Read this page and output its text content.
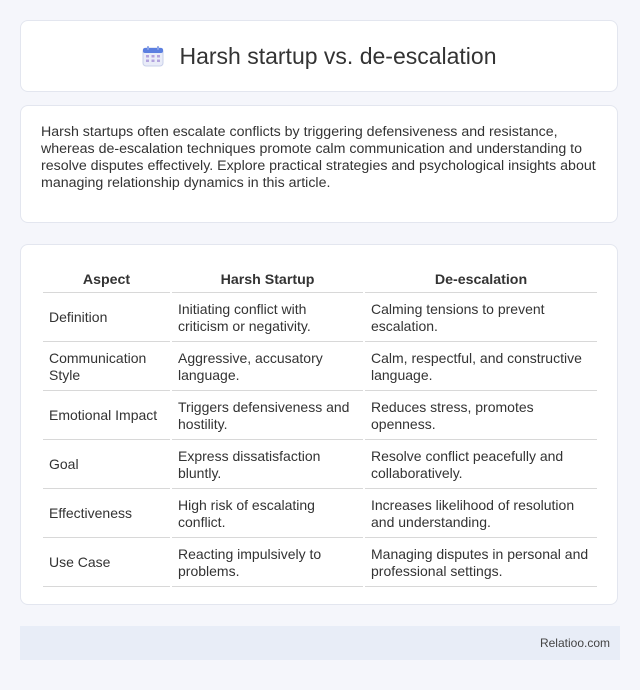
Harsh startup vs. de-escalation

Harsh startups often escalate conflicts by triggering defensiveness and resistance, whereas de-escalation techniques promote calm communication and understanding to resolve disputes effectively. Explore practical strategies and psychological insights about managing relationship dynamics in this article.

Aspect	Harsh Startup	De-escalation
Definition	Initiating conflict with criticism or negativity.	Calming tensions to prevent escalation.
Communication Style	Aggressive, accusatory language.	Calm, respectful, and constructive language.
Emotional Impact	Triggers defensiveness and hostility.	Reduces stress, promotes openness.
Goal	Express dissatisfaction bluntly.	Resolve conflict peacefully and collaboratively.
Effectiveness	High risk of escalating conflict.	Increases likelihood of resolution and understanding.
Use Case	Reacting impulsively to problems.	Managing disputes in personal and professional settings.
Relatioo.com
